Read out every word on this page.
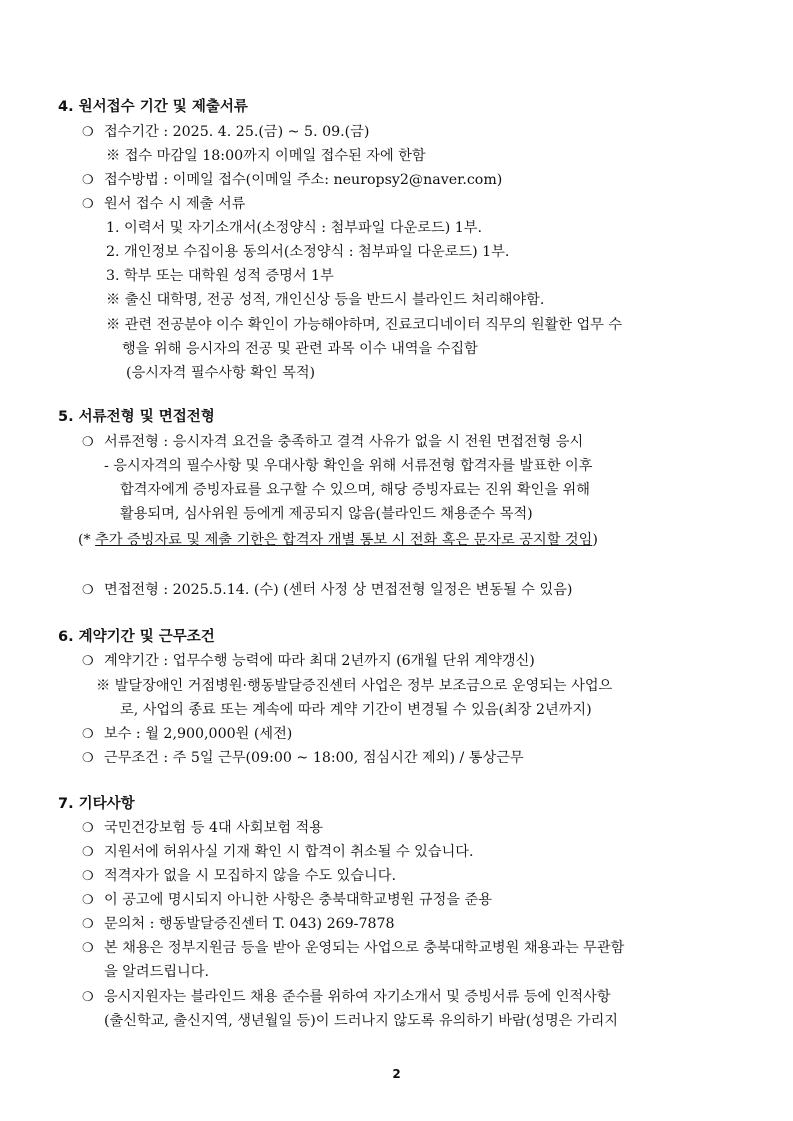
4. 원서접수 기간 및 제출서류
❍ 접수기간 : 2025. 4. 25.(금) ~ 5. 09.(금)
※ 접수 마감일 18:00까지 이메일 접수된 자에 한함
❍ 접수방법 : 이메일 접수(이메일 주소: neuropsy2@naver.com)
❍ 원서 접수 시 제출 서류
1. 이력서 및 자기소개서(소정양식 : 첨부파일 다운로드) 1부.
2. 개인정보 수집이용 동의서(소정양식 : 첨부파일 다운로드) 1부.
3. 학부 또는 대학원 성적 증명서 1부
※ 출신 대학명, 전공 성적, 개인신상 등을 반드시 블라인드 처리해야함.
※ 관련 전공분야 이수 확인이 가능해야하며, 진료코디네이터 직무의 원활한 업무 수
행을 위해 응시자의 전공 및 관련 과목 이수 내역을 수집함
(응시자격 필수사항 확인 목적)
5. 서류전형 및 면접전형
❍ 서류전형 : 응시자격 요건을 충족하고 결격 사유가 없을 시 전원 면접전형 응시
- 응시자격의 필수사항 및 우대사항 확인을 위해 서류전형 합격자를 발표한 이후
합격자에게 증빙자료를 요구할 수 있으며, 해당 증빙자료는 진위 확인을 위해
활용되며, 심사위원 등에게 제공되지 않음(블라인드 채용준수 목적)
(* 추가 증빙자료 및 제출 기한은 합격자 개별 통보 시 전화 혹은 문자로 공지할 것임)
❍ 면접전형 : 2025.5.14. (수) (센터 사정 상 면접전형 일정은 변동될 수 있음)
6. 계약기간 및 근무조건
❍ 계약기간 : 업무수행 능력에 따라 최대 2년까지 (6개월 단위 계약갱신)
※ 발달장애인 거점병원·행동발달증진센터 사업은 정부 보조금으로 운영되는 사업으
로, 사업의 종료 또는 계속에 따라 계약 기간이 변경될 수 있음(최장 2년까지)
❍ 보수 : 월 2,900,000원 (세전)
❍ 근무조건 : 주 5일 근무(09:00 ~ 18:00, 점심시간 제외) / 통상근무
7. 기타사항
❍ 국민건강보험 등 4대 사회보험 적용
❍ 지원서에 허위사실 기재 확인 시 합격이 취소될 수 있습니다.
❍ 적격자가 없을 시 모집하지 않을 수도 있습니다.
❍ 이 공고에 명시되지 아니한 사항은 충북대학교병원 규정을 준용
❍ 문의처 : 행동발달증진센터 T. 043) 269-7878
❍ 본 채용은 정부지원금 등을 받아 운영되는 사업으로 충북대학교병원 채용과는 무관함
을 알려드립니다.
❍ 응시지원자는 블라인드 채용 준수를 위하여 자기소개서 및 증빙서류 등에 인적사항
(출신학교, 출신지역, 생년월일 등)이 드러나지 않도록 유의하기 바람(성명은 가리지
2
